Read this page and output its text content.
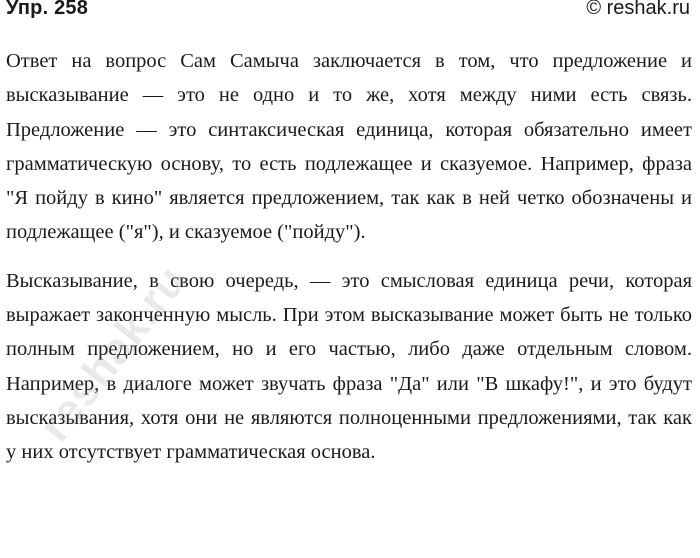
Упр. 258	© reshak.ru

Ответ на вопрос Сам Самыча заключается в том, что предложение и высказывание — это не одно и то же, хотя между ними есть связь. Предложение — это синтаксическая единица, которая обязательно имеет грамматическую основу, то есть подлежащее и сказуемое. Например, фраза "Я пойду в кино" является предложением, так как в ней четко обозначены и подлежащее ("я"), и сказуемое ("пойду").

Высказывание, в свою очередь, — это смысловая единица речи, которая выражает законченную мысль. При этом высказывание может быть не только полным предложением, но и его частью, либо даже отдельным словом. Например, в диалоге может звучать фраза "Да" или "В шкафу!", и это будут высказывания, хотя они не являются полноценными предложениями, так как у них отсутствует грамматическая основа.

reshak.ru
